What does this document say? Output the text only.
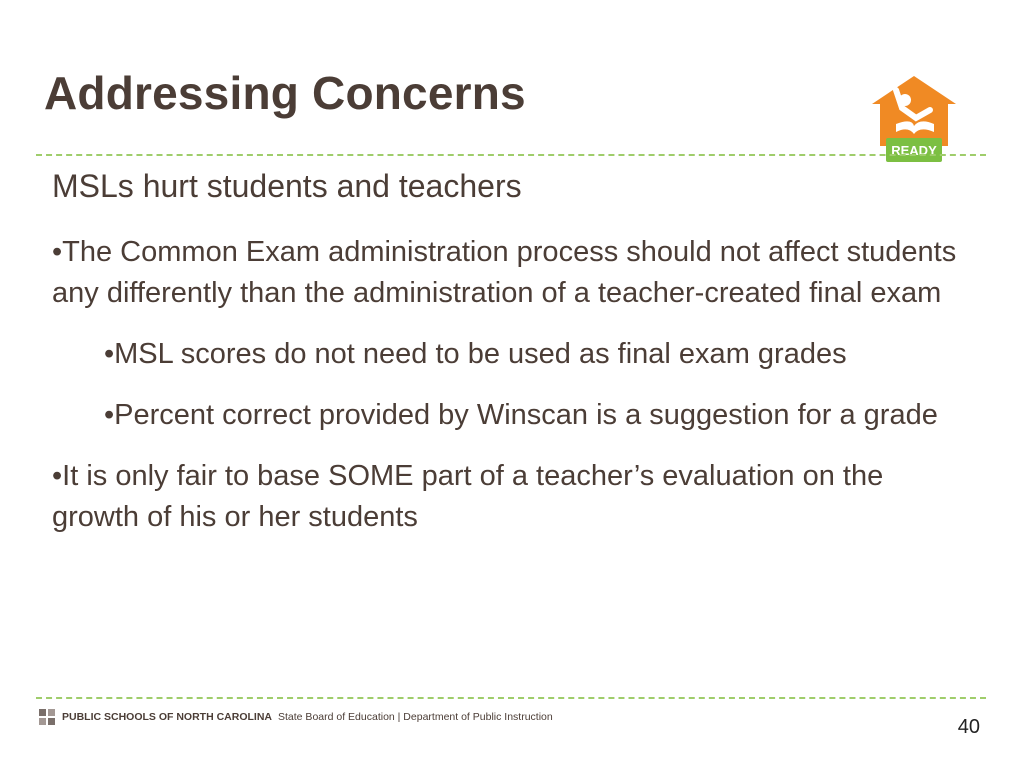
Addressing Concerns
READY
MSLs hurt students and teachers
•The Common Exam administration process should not affect students any differently than the administration of a teacher-created final exam
•MSL scores do not need to be used as final exam grades
•Percent correct provided by Winscan is a suggestion for a grade
•It is only fair to base SOME part of a teacher’s evaluation on the growth of his or her students
PUBLIC SCHOOLS OF NORTH CAROLINA State Board of Education | Department of Public Instruction	40
